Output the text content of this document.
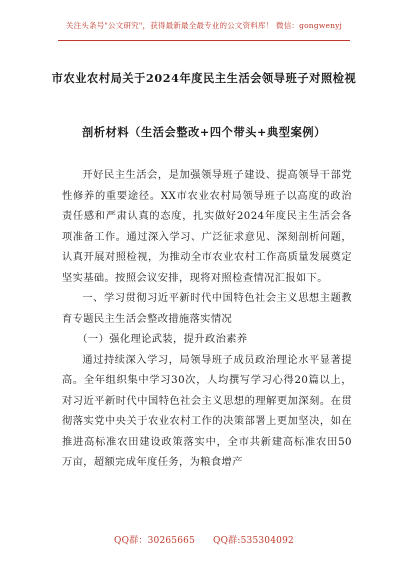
关注头条号"公文研究"，获得最新最全最专业的公文资料库！ 微信：gongwenyj
市农业农村局关于2024年度民主生活会领导班子对照检视
剖析材料（生活会整改+四个带头+典型案例）

开好民主生活会，是加强领导班子建设、提高领导干部党性修养的重要途径。XX市农业农村局领导班子以高度的政治责任感和严肃认真的态度，扎实做好2024年度民主生活会各项准备工作。通过深入学习、广泛征求意见、深刻剖析问题，认真开展对照检视，为推动全市农业农村工作高质量发展奠定坚实基础。按照会议安排，现将对照检查情况汇报如下。

一、学习贯彻习近平新时代中国特色社会主义思想主题教育专题民主生活会整改措施落实情况

（一）强化理论武装，提升政治素养

通过持续深入学习，局领导班子成员政治理论水平显著提高。全年组织集中学习30次，人均撰写学习心得20篇以上，对习近平新时代中国特色社会主义思想的理解更加深刻。在贯彻落实党中央关于农业农村工作的决策部署上更加坚决，如在推进高标准农田建设政策落实中，全市共新建高标准农田50万亩，超额完成年度任务，为粮食增产

QQ群：30265665 QQ群:535304092
